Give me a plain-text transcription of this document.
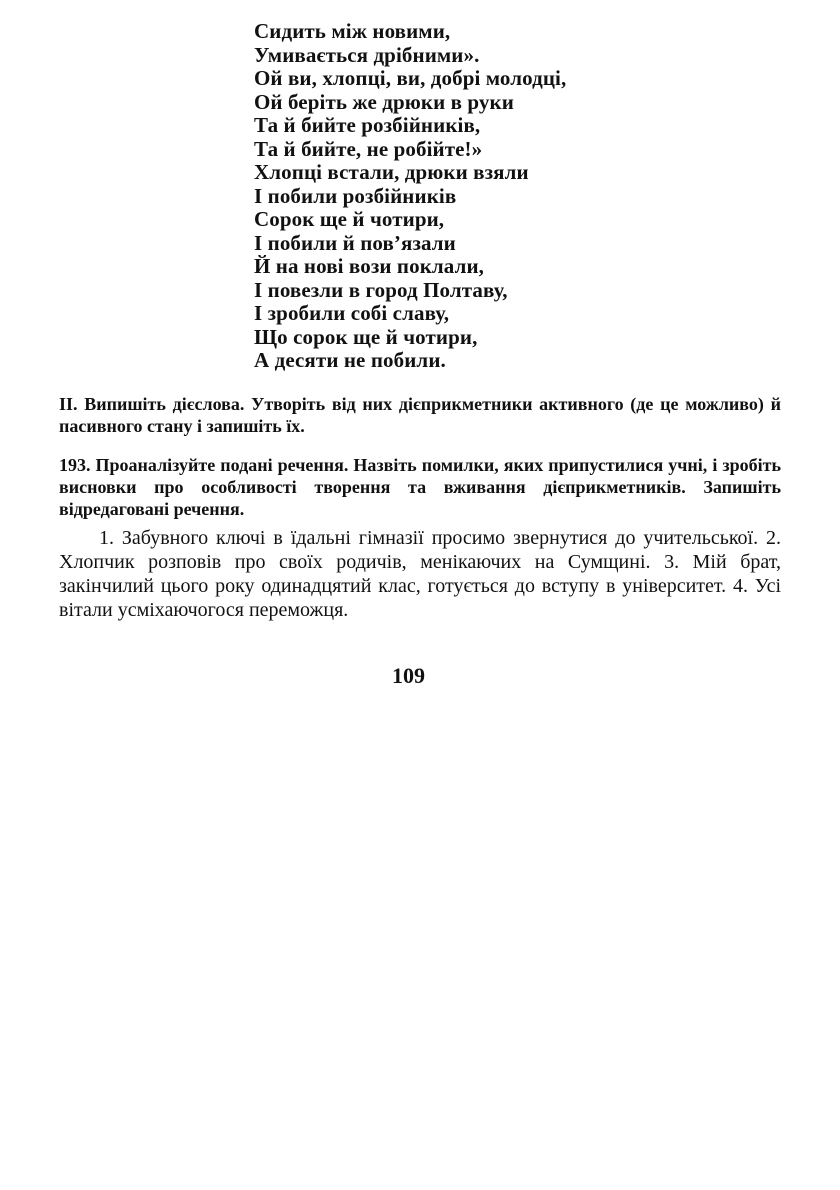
Сидить між новими,
Умивається дрібними».
Ой ви, хлопці, ви, добрі молодці,
Ой беріть же дрюки в руки
Та й бийте розбійників,
Та й бийте, не робійте!»
Хлопці встали, дрюки взяли
І побили розбійників
Сорок ще й чотири,
І побили й пов’язали
Й на нові вози поклали,
І повезли в город Полтаву,
І зробили собі славу,
Що сорок ще й чотири,
А десяти не побили.

II. Випишіть дієслова. Утворіть від них дієприкметники активного (де це можливо) й пасивного стану і запишіть їх.

193. Проаналізуйте подані речення. Назвіть помилки, яких припустилися учні, і зробіть висновки про особливості творення та вживання дієприкметників. Запишіть відредаговані речення.

1. Забувного ключі в їдальні гімназії просимо звернутися до учительської. 2. Хлопчик розповів про своїх родичів, менікаючих на Сумщині. 3. Мій брат, закінчилий цього року одинадцятий клас, готується до вступу в університет. 4. Усі вітали усміхаючогося переможця.

109
